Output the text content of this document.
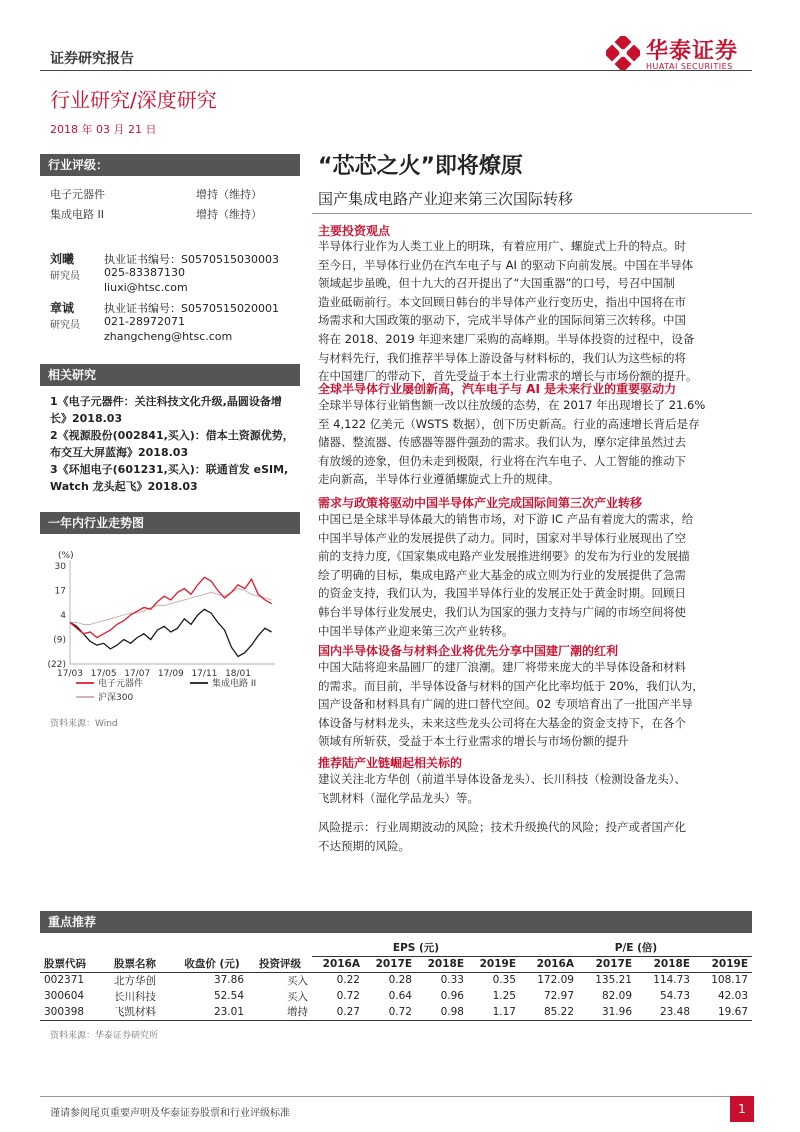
证券研究报告
行业研究/深度研究
2018 年 03 月 21 日
华泰证券
HUATAI SECURITIES
行业评级：
电子元器件	增持（维持）
集成电路 II	增持（维持）
刘曦
研究员
执业证书编号：S0570515030003
025-83387130
liuxi@htsc.com
章诚
研究员
执业证书编号：S0570515020001
021-28972071
zhangcheng@htsc.com
相关研究
1《电子元器件：关注科技文化升级,晶圆设备增长》2018.03
2《视源股份(002841,买入)：借本土资源优势，布交互大屏蓝海》2018.03
3《环旭电子(601231,买入)：联通首发 eSIM, Watch 龙头起飞》2018.03
一年内行业走势图
(%)
30
17
4
(9)
(22)
17/03 17/05 17/07 17/09 17/11 18/01
电子元器件	集成电路 II
沪深300
资料来源：Wind
“芯芯之火”即将燎原
国产集成电路产业迎来第三次国际转移
主要投资观点
半导体行业作为人类工业上的明珠，有着应用广、螺旋式上升的特点。时
至今日，半导体行业仍在汽车电子与 AI 的驱动下向前发展。中国在半导体
领域起步虽晚，但十九大的召开提出了“大国重器”的口号，号召中国制
造业砥砺前行。本文回顾日韩台的半导体产业行变历史，指出中国将在市
场需求和大国政策的驱动下，完成半导体产业的国际间第三次转移。中国
将在 2018、2019 年迎来建厂采购的高峰期。半导体投资的过程中，设备
与材料先行，我们推荐半导体上游设备与材料标的，我们认为这些标的将
在中国建厂的带动下，首先受益于本土行业需求的增长与市场份额的提升。
全球半导体行业屡创新高，汽车电子与 AI 是未来行业的重要驱动力
全球半导体行业销售额一改以往放缓的态势，在 2017 年出现增长了 21.6%
至 4,122 亿美元（WSTS 数据），创下历史新高。行业的高速增长背后是存
储器、整流器、传感器等器件强劲的需求。我们认为，摩尔定律虽然过去
有放缓的迹象，但仍未走到极限，行业将在汽车电子、人工智能的推动下
走向新高，半导体行业遵循螺旋式上升的规律。
需求与政策将驱动中国半导体产业完成国际间第三次产业转移
中国已是全球半导体最大的销售市场，对下游 IC 产品有着庞大的需求，给
中国半导体产业的发展提供了动力。同时，国家对半导体行业展现出了空
前的支持力度,《国家集成电路产业发展推进纲要》的发布为行业的发展描
绘了明确的目标，集成电路产业大基金的成立则为行业的发展提供了急需
的资金支持，我们认为，我国半导体行业的发展正处于黄金时期。回顾日
韩台半导体行业发展史，我们认为国家的强力支持与广阔的市场空间将使
中国半导体产业迎来第三次产业转移。
国内半导体设备与材料企业将优先分享中国建厂潮的红利
中国大陆将迎来晶圆厂的建厂浪潮。建厂将带来庞大的半导体设备和材料
的需求。而目前，半导体设备与材料的国产化比率均低于 20%，我们认为，
国产设备和材料具有广阔的进口替代空间。02 专项培育出了一批国产半导
体设备与材料龙头，未来这些龙头公司将在大基金的资金支持下，在各个
领域有所斩获，受益于本土行业需求的增长与市场份额的提升
推荐陆产业链崛起相关标的
建议关注北方华创（前道半导体设备龙头）、长川科技（检测设备龙头）、
飞凯材料（湿化学品龙头）等。
风险提示：行业周期波动的风险；技术升级换代的风险；投产或者国产化
不达预期的风险。
重点推荐
				EPS (元)				P/E (倍)			
股票代码	股票名称	收盘价 (元)	投资评级	2016A	2017E	2018E	2019E	2016A	2017E	2018E	2019E
002371	北方华创	37.86	买入	0.22	0.28	0.33	0.35	172.09	135.21	114.73	108.17
300604	长川科技	52.54	买入	0.72	0.64	0.96	1.25	72.97	82.09	54.73	42.03
300398	飞凯材料	23.01	增持	0.27	0.72	0.98	1.17	85.22	31.96	23.48	19.67
资料来源：华泰证券研究所
谨请参阅尾页重要声明及华泰证券股票和行业评级标准	1
